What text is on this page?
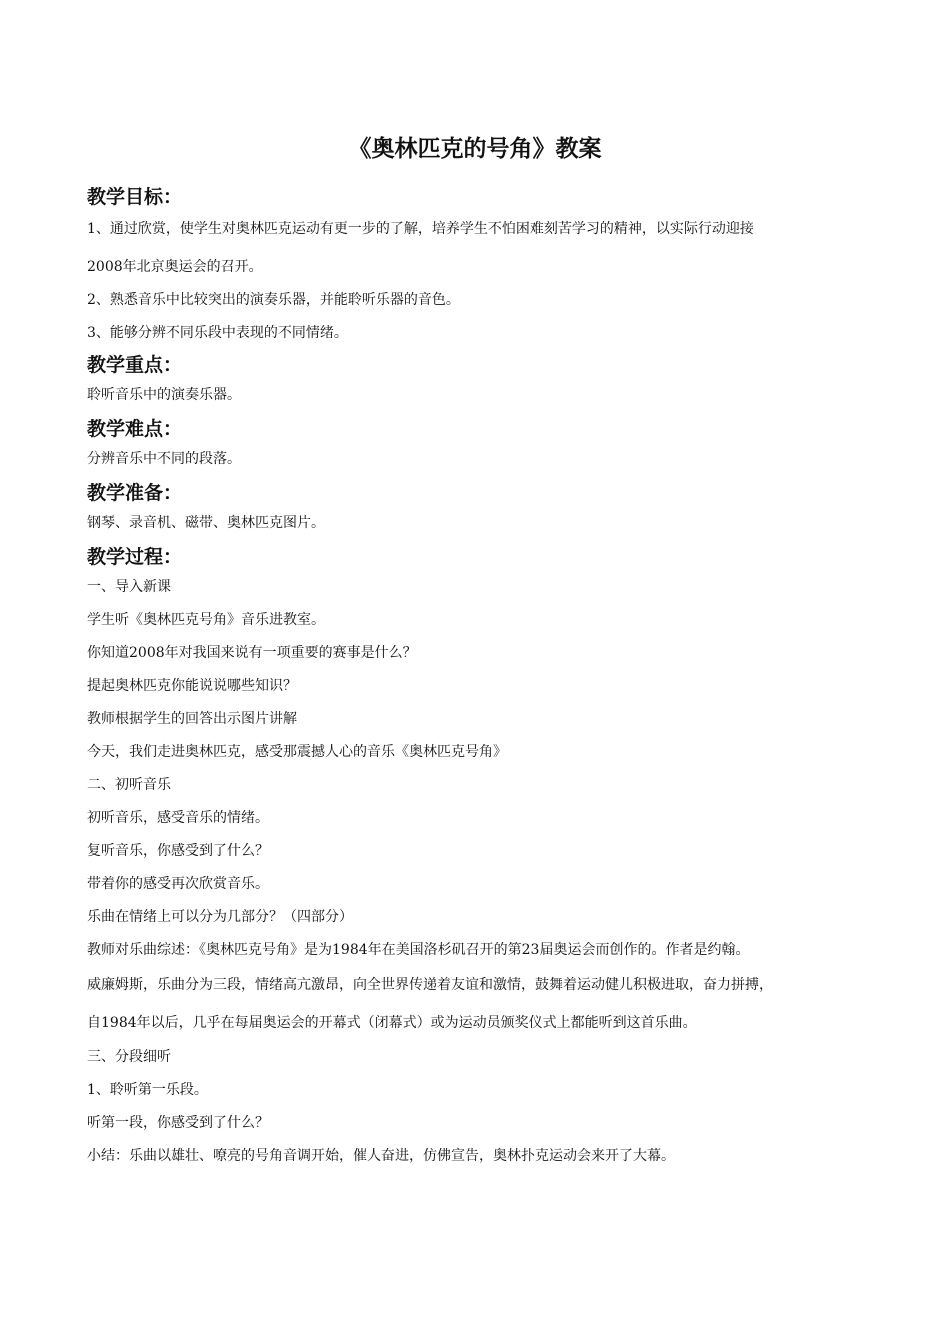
《奥林匹克的号角》教案
教学目标：
1、通过欣赏，使学生对奥林匹克运动有更一步的了解，培养学生不怕困难刻苦学习的精神，以实际行动迎接
2008年北京奥运会的召开。
2、熟悉音乐中比较突出的演奏乐器，并能聆听乐器的音色。
3、能够分辨不同乐段中表现的不同情绪。
教学重点：
聆听音乐中的演奏乐器。
教学难点：
分辨音乐中不同的段落。
教学准备：
钢琴、录音机、磁带、奥林匹克图片。
教学过程：
一、导入新课
学生听《奥林匹克号角》音乐进教室。
你知道2008年对我国来说有一项重要的赛事是什么？
提起奥林匹克你能说说哪些知识？
教师根据学生的回答出示图片讲解
今天，我们走进奥林匹克，感受那震撼人心的音乐《奥林匹克号角》
二、初听音乐
初听音乐，感受音乐的情绪。
复听音乐，你感受到了什么？
带着你的感受再次欣赏音乐。
乐曲在情绪上可以分为几部分？（四部分）
教师对乐曲综述：《奥林匹克号角》是为1984年在美国洛杉矶召开的第23届奥运会而创作的。作者是约翰。
威廉姆斯，乐曲分为三段，情绪高亢激昂，向全世界传递着友谊和激情，鼓舞着运动健儿积极进取，奋力拼搏，
自1984年以后，几乎在每届奥运会的开幕式（闭幕式）或为运动员颁奖仪式上都能听到这首乐曲。
三、分段细听
1、聆听第一乐段。
听第一段，你感受到了什么？
小结：乐曲以雄壮、嘹亮的号角音调开始，催人奋进，仿佛宣告，奥林扑克运动会来开了大幕。
